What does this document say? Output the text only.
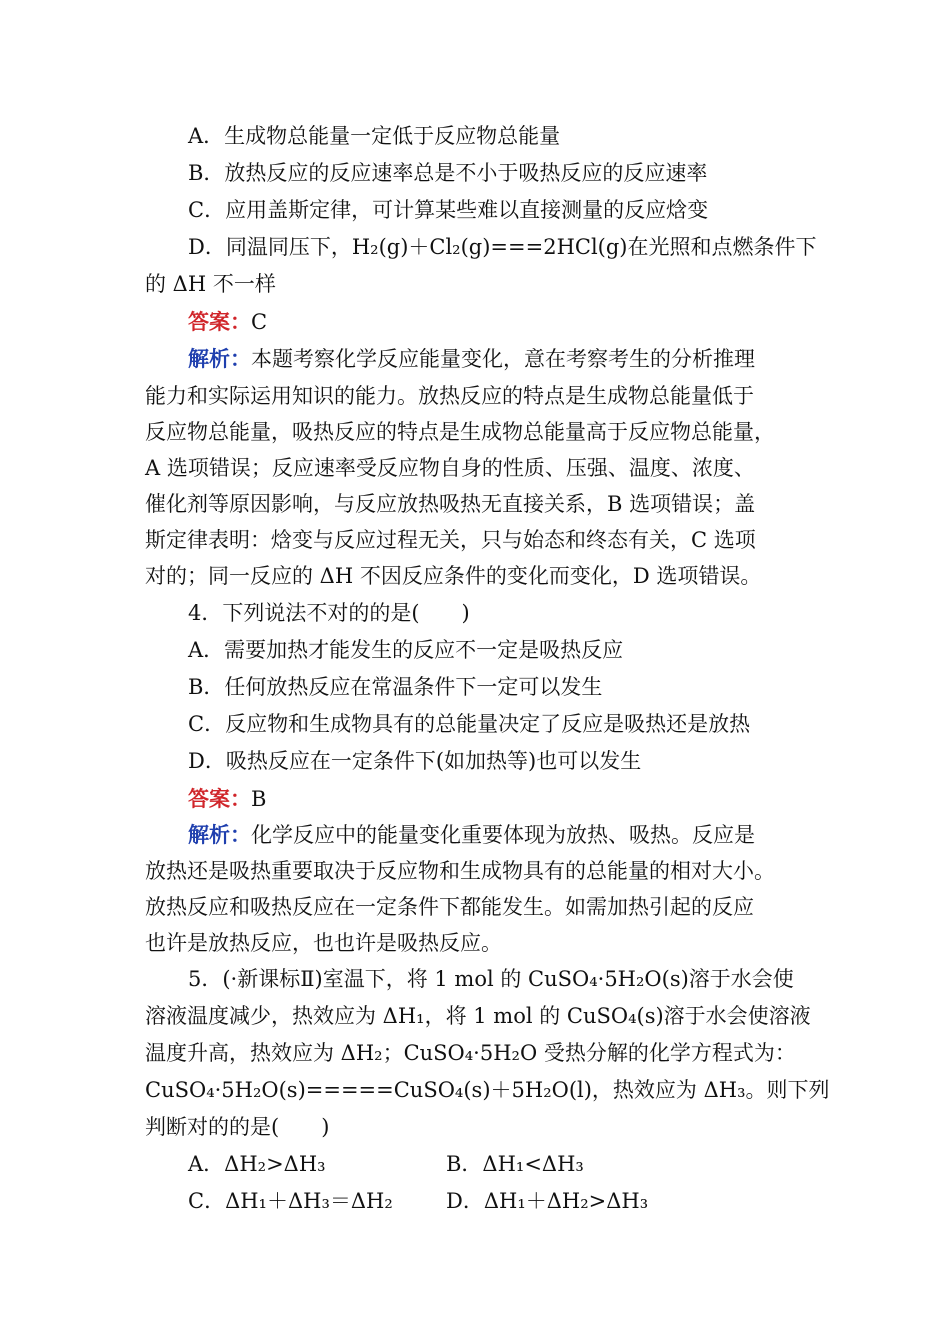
A．生成物总能量一定低于反应物总能量
B．放热反应的反应速率总是不小于吸热反应的反应速率
C．应用盖斯定律，可计算某些难以直接测量的反应焓变
D．同温同压下，H₂(g)＋Cl₂(g)===2HCl(g)在光照和点燃条件下
的 ΔH 不一样
答案：C
解析：本题考察化学反应能量变化，意在考察考生的分析推理
能力和实际运用知识的能力。放热反应的特点是生成物总能量低于
反应物总能量，吸热反应的特点是生成物总能量高于反应物总能量，
A 选项错误；反应速率受反应物自身的性质、压强、温度、浓度、
催化剂等原因影响，与反应放热吸热无直接关系，B 选项错误；盖
斯定律表明：焓变与反应过程无关，只与始态和终态有关，C 选项
对的；同一反应的 ΔH 不因反应条件的变化而变化，D 选项错误。
4．下列说法不对的的是(　　)
A．需要加热才能发生的反应不一定是吸热反应
B．任何放热反应在常温条件下一定可以发生
C．反应物和生成物具有的总能量决定了反应是吸热还是放热
D．吸热反应在一定条件下(如加热等)也可以发生
答案：B
解析：化学反应中的能量变化重要体现为放热、吸热。反应是
放热还是吸热重要取决于反应物和生成物具有的总能量的相对大小。
放热反应和吸热反应在一定条件下都能发生。如需加热引起的反应
也许是放热反应，也也许是吸热反应。
5．(·新课标Ⅱ)室温下，将 1 mol 的 CuSO₄·5H₂O(s)溶于水会使
溶液温度减少，热效应为 ΔH₁，将 1 mol 的 CuSO₄(s)溶于水会使溶液
温度升高，热效应为 ΔH₂；CuSO₄·5H₂O 受热分解的化学方程式为：
CuSO₄·5H₂O(s)=====CuSO₄(s)＋5H₂O(l)，热效应为 ΔH₃。则下列
判断对的的是(　　)
A．ΔH₂>ΔH₃	B．ΔH₁<ΔH₃
C．ΔH₁＋ΔH₃＝ΔH₂	D．ΔH₁＋ΔH₂>ΔH₃
